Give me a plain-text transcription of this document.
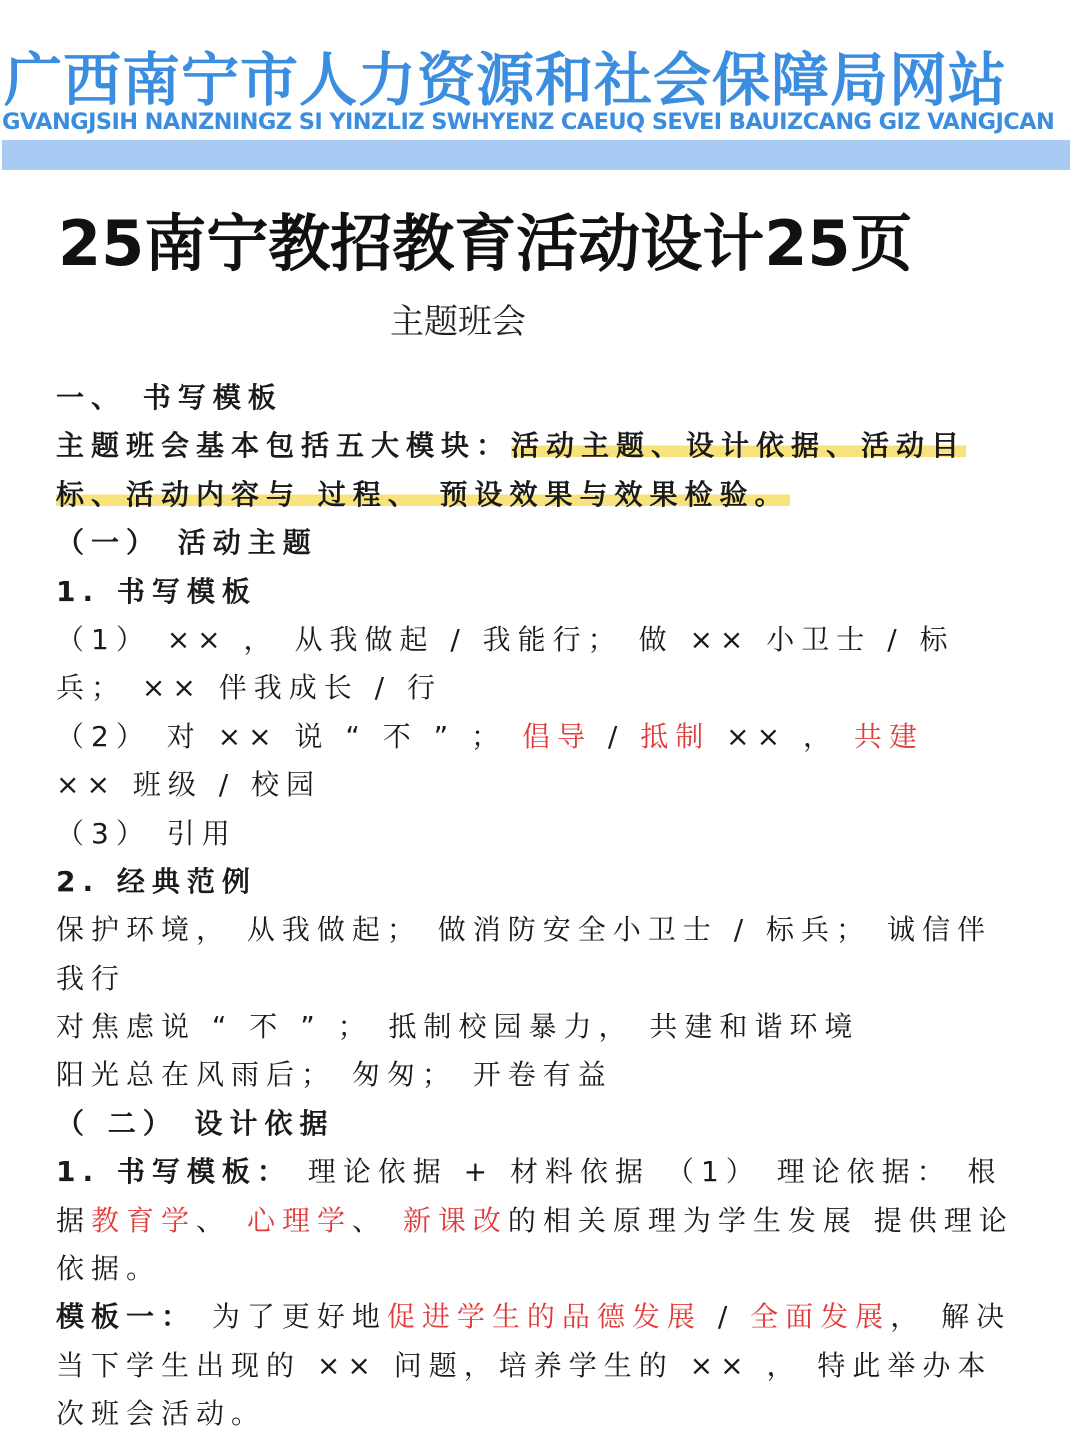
广西南宁市人力资源和社会保障局网站
GVANGJSIH NANZNINGZ SI YINZLIZ SWHYENZ CAEUQ SEVEI BAUIZCANG GIZ VANGJCAN
25南宁教招教育活动设计25页
主题班会
一、 书写模板
主题班会基本包括五大模块：活动主题、设计依据、活动目
标、活动内容与 过程、 预设效果与效果检验。
（一） 活动主题
1. 书写模板
（1） ×× ， 从我做起 / 我能行； 做 ×× 小卫士 / 标
兵； ×× 伴我成长 / 行
（2） 对 ×× 说 “ 不 ” ； 倡导 / 抵制 ×× ， 共建
×× 班级 / 校园
（3） 引用
2. 经典范例
保护环境， 从我做起； 做消防安全小卫士 / 标兵； 诚信伴
我行
对焦虑说 “ 不 ” ； 抵制校园暴力， 共建和谐环境
阳光总在风雨后； 匆匆； 开卷有益
（ 二） 设计依据
1. 书写模板： 理论依据 + 材料依据 （1） 理论依据： 根
据教育学、 心理学、 新课改的相关原理为学生发展 提供理论
依据。
模板一： 为了更好地促进学生的品德发展 / 全面发展， 解决
当下学生出现的 ×× 问题，培养学生的 ×× ， 特此举办本
次班会活动。
